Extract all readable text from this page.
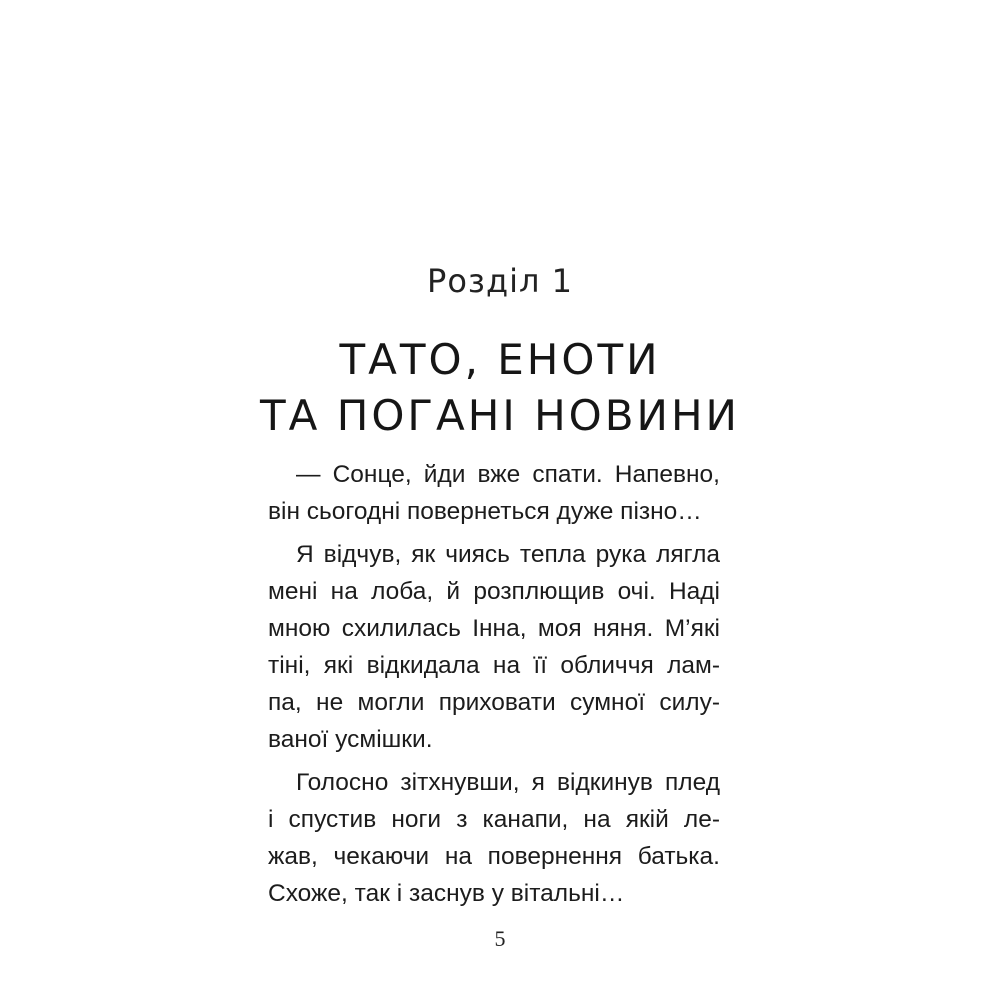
Розділ 1
ТАТО, ЕНОТИ
ТА ПОГАНІ НОВИНИ
— Сонце, йди вже спати. Напевно,
він сьогодні повернеться дуже пізно…
Я відчув, як чиясь тепла рука лягла
мені на лоба, й розплющив очі. Наді
мною схилилась Інна, моя няня. М’які
тіні, які відкидала на її обличчя лам-
па, не могли приховати сумної силу-
ваної усмішки.
Голосно зітхнувши, я відкинув плед
і спустив ноги з канапи, на якій ле-
жав, чекаючи на повернення батька.
Схоже, так і заснув у вітальні…
5
